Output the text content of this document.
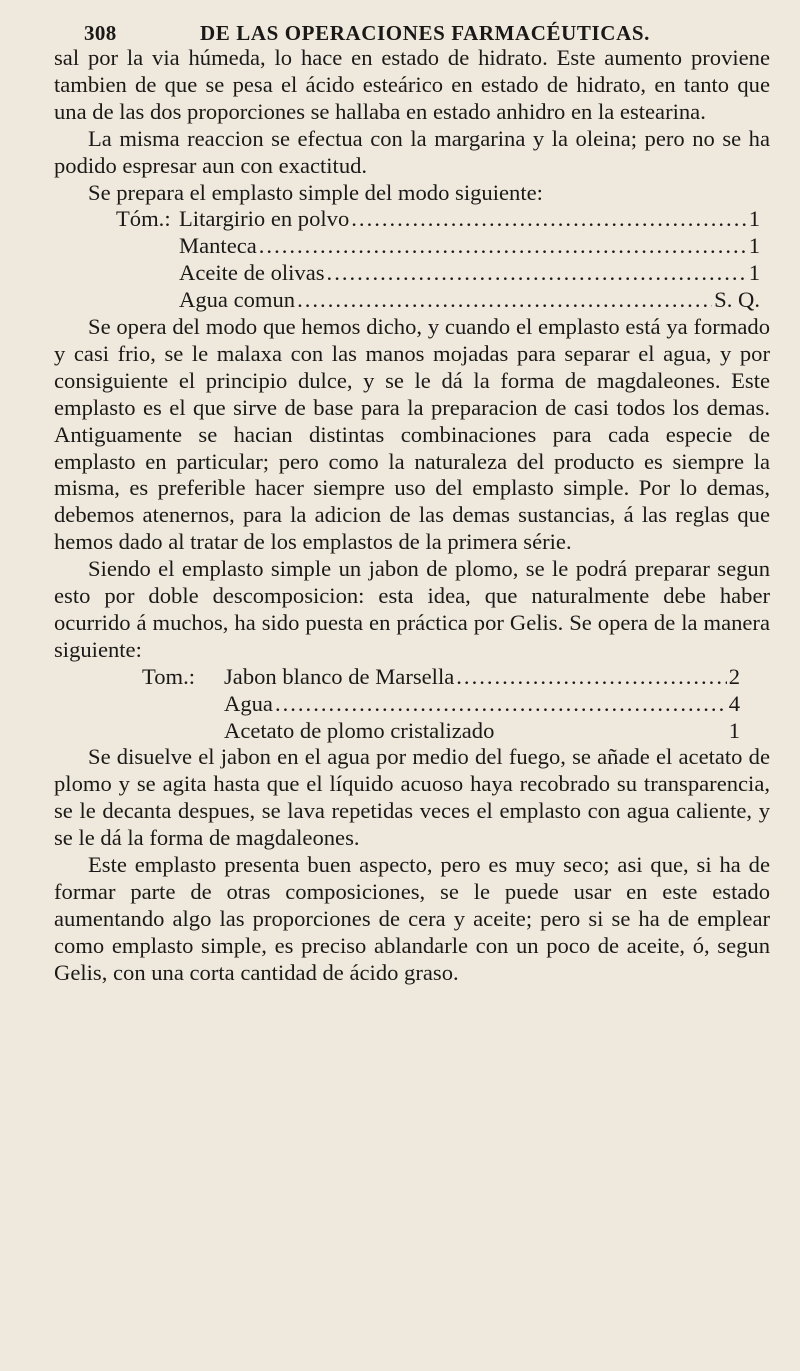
308	DE LAS OPERACIONES FARMACÉUTICAS.

sal por la via húmeda, lo hace en estado de hidrato. Este aumento proviene tambien de que se pesa el ácido esteárico en estado de hidrato, en tanto que una de las dos proporciones se hallaba en estado anhidro en la estearina.

La misma reaccion se efectua con la margarina y la oleina; pero no se ha podido espresar aun con exactitud.

Se prepara el emplasto simple del modo siguiente:

Tóm.: Litargirio en polvo .....	1
Manteca .....	1
Aceite de olivas .....	1
Agua comun .....	S. Q.

Se opera del modo que hemos dicho, y cuando el emplasto está ya formado y casi frio, se le malaxa con las manos mojadas para separar el agua, y por consiguiente el principio dulce, y se le dá la forma de magdaleones. Este emplasto es el que sirve de base para la preparacion de casi todos los demas. Antiguamente se hacian distintas combinaciones para cada especie de emplasto en particular; pero como la naturaleza del producto es siempre la misma, es preferible hacer siempre uso del emplasto simple. Por lo demas, debemos atenernos, para la adicion de las demas sustancias, á las reglas que hemos dado al tratar de los emplastos de la primera série.

Siendo el emplasto simple un jabon de plomo, se le podrá preparar segun esto por doble descomposicion: esta idea, que naturalmente debe haber ocurrido á muchos, ha sido puesta en práctica por Gelis. Se opera de la manera siguiente:

Tom.:	Jabon blanco de Marsella .....	2
Agua .....	4
Acetato de plomo cristalizado	1

Se disuelve el jabon en el agua por medio del fuego, se añade el acetato de plomo y se agita hasta que el líquido acuoso haya recobrado su transparencia, se le decanta despues, se lava repetidas veces el emplasto con agua caliente, y se le dá la forma de magdaleones.

Este emplasto presenta buen aspecto, pero es muy seco; asi que, si ha de formar parte de otras composiciones, se le puede usar en este estado aumentando algo las proporciones de cera y aceite; pero si se ha de emplear como emplasto simple, es preciso ablandarle con un poco de aceite, ó, segun Gelis, con una corta cantidad de ácido graso.
